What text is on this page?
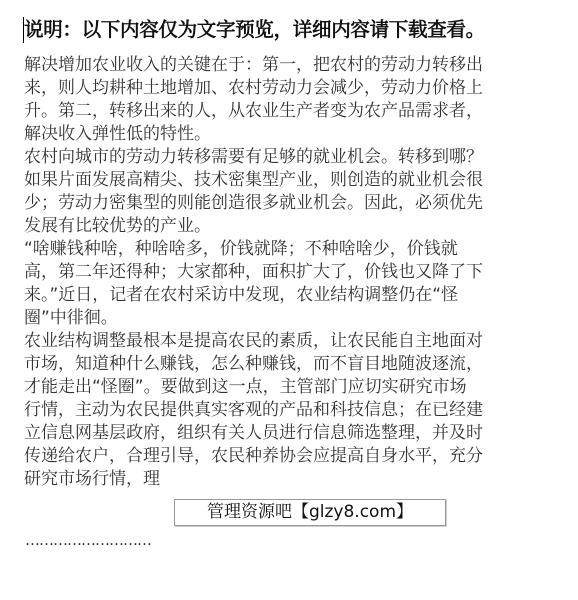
说明：以下内容仅为文字预览，详细内容请下载查看。

解决增加农业收入的关键在于：第一，把农村的劳动力转移出
来，则人均耕种土地增加、农村劳动力会减少，劳动力价格上
升。第二，转移出来的人，从农业生产者变为农产品需求者，
解决收入弹性低的特性。

农村向城市的劳动力转移需要有足够的就业机会。转移到哪？
如果片面发展高精尖、技术密集型产业，则创造的就业机会很
少；劳动力密集型的则能创造很多就业机会。因此，必须优先
发展有比较优势的产业。

“啥赚钱种啥，种啥啥多，价钱就降；不种啥啥少，价钱就
高，第二年还得种；大家都种，面积扩大了，价钱也又降了下
来。”近日，记者在农村采访中发现，农业结构调整仍在“怪
圈”中徘徊。

农业结构调整最根本是提高农民的素质，让农民能自主地面对
市场，知道种什么赚钱，怎么种赚钱，而不盲目地随波逐流，
才能走出“怪圈”。要做到这一点，主管部门应切实研究市场
行情，主动为农民提供真实客观的产品和科技信息；在已经建
立信息网基层政府，组织有关人员进行信息筛选整理，并及时
传递给农户，合理引导，农民种养协会应提高自身水平，充分
研究市场行情，理

管理资源吧【glzy8.com】
………………………
